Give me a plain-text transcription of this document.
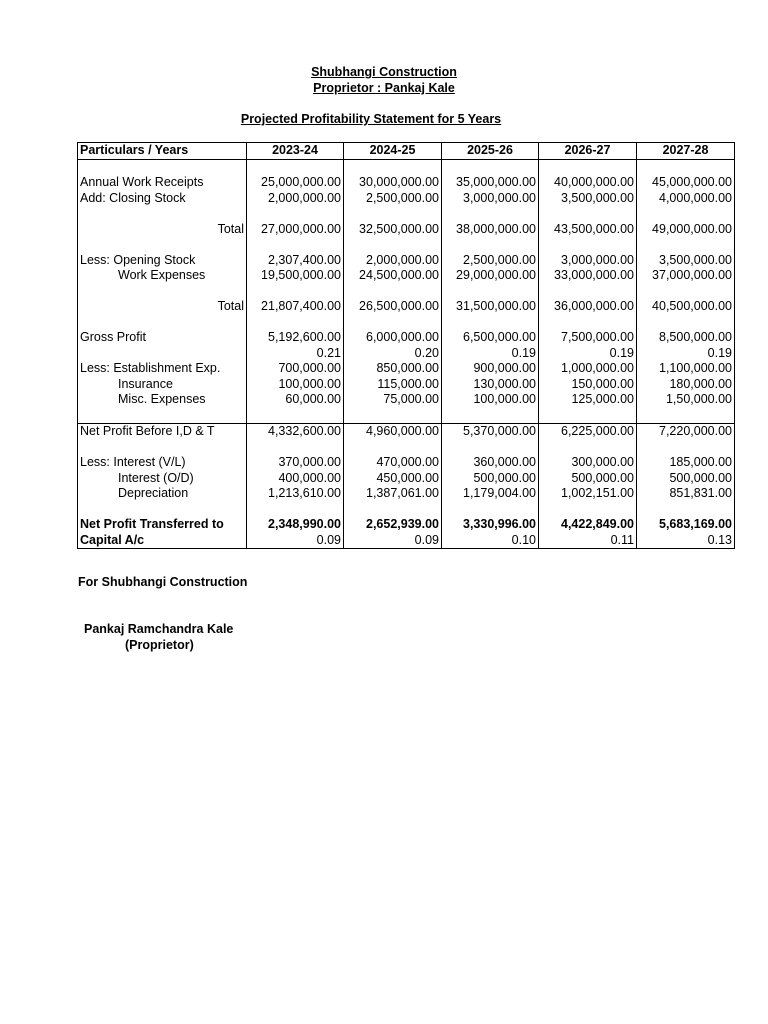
Shubhangi Construction
Proprietor : Pankaj Kale
Projected Profitability Statement for 5 Years
Particulars / Years	2023-24	2024-25	2025-26	2026-27	2027-28

Annual Work Receipts	25,000,000.00	30,000,000.00	35,000,000.00	40,000,000.00	45,000,000.00
Add: Closing Stock	2,000,000.00	2,500,000.00	3,000,000.00	3,500,000.00	4,000,000.00

Total	27,000,000.00	32,500,000.00	38,000,000.00	43,500,000.00	49,000,000.00

Less: Opening Stock	2,307,400.00	2,000,000.00	2,500,000.00	3,000,000.00	3,500,000.00
Work Expenses	19,500,000.00	24,500,000.00	29,000,000.00	33,000,000.00	37,000,000.00

Total	21,807,400.00	26,500,000.00	31,500,000.00	36,000,000.00	40,500,000.00

Gross Profit	5,192,600.00	6,000,000.00	6,500,000.00	7,500,000.00	8,500,000.00
	0.21	0.20	0.19	0.19	0.19
Less: Establishment Exp.	700,000.00	850,000.00	900,000.00	1,000,000.00	1,100,000.00
Insurance	100,000.00	115,000.00	130,000.00	150,000.00	180,000.00
Misc. Expenses	60,000.00	75,000.00	100,000.00	125,000.00	1,50,000.00

Net Profit Before I,D & T	4,332,600.00	4,960,000.00	5,370,000.00	6,225,000.00	7,220,000.00

Less: Interest (V/L)	370,000.00	470,000.00	360,000.00	300,000.00	185,000.00
Interest (O/D)	400,000.00	450,000.00	500,000.00	500,000.00	500,000.00
Depreciation	1,213,610.00	1,387,061.00	1,179,004.00	1,002,151.00	851,831.00

Net Profit Transferred to	2,348,990.00	2,652,939.00	3,330,996.00	4,422,849.00	5,683,169.00
Capital A/c	0.09	0.09	0.10	0.11	0.13
For Shubhangi Construction
Pankaj Ramchandra Kale
(Proprietor)
